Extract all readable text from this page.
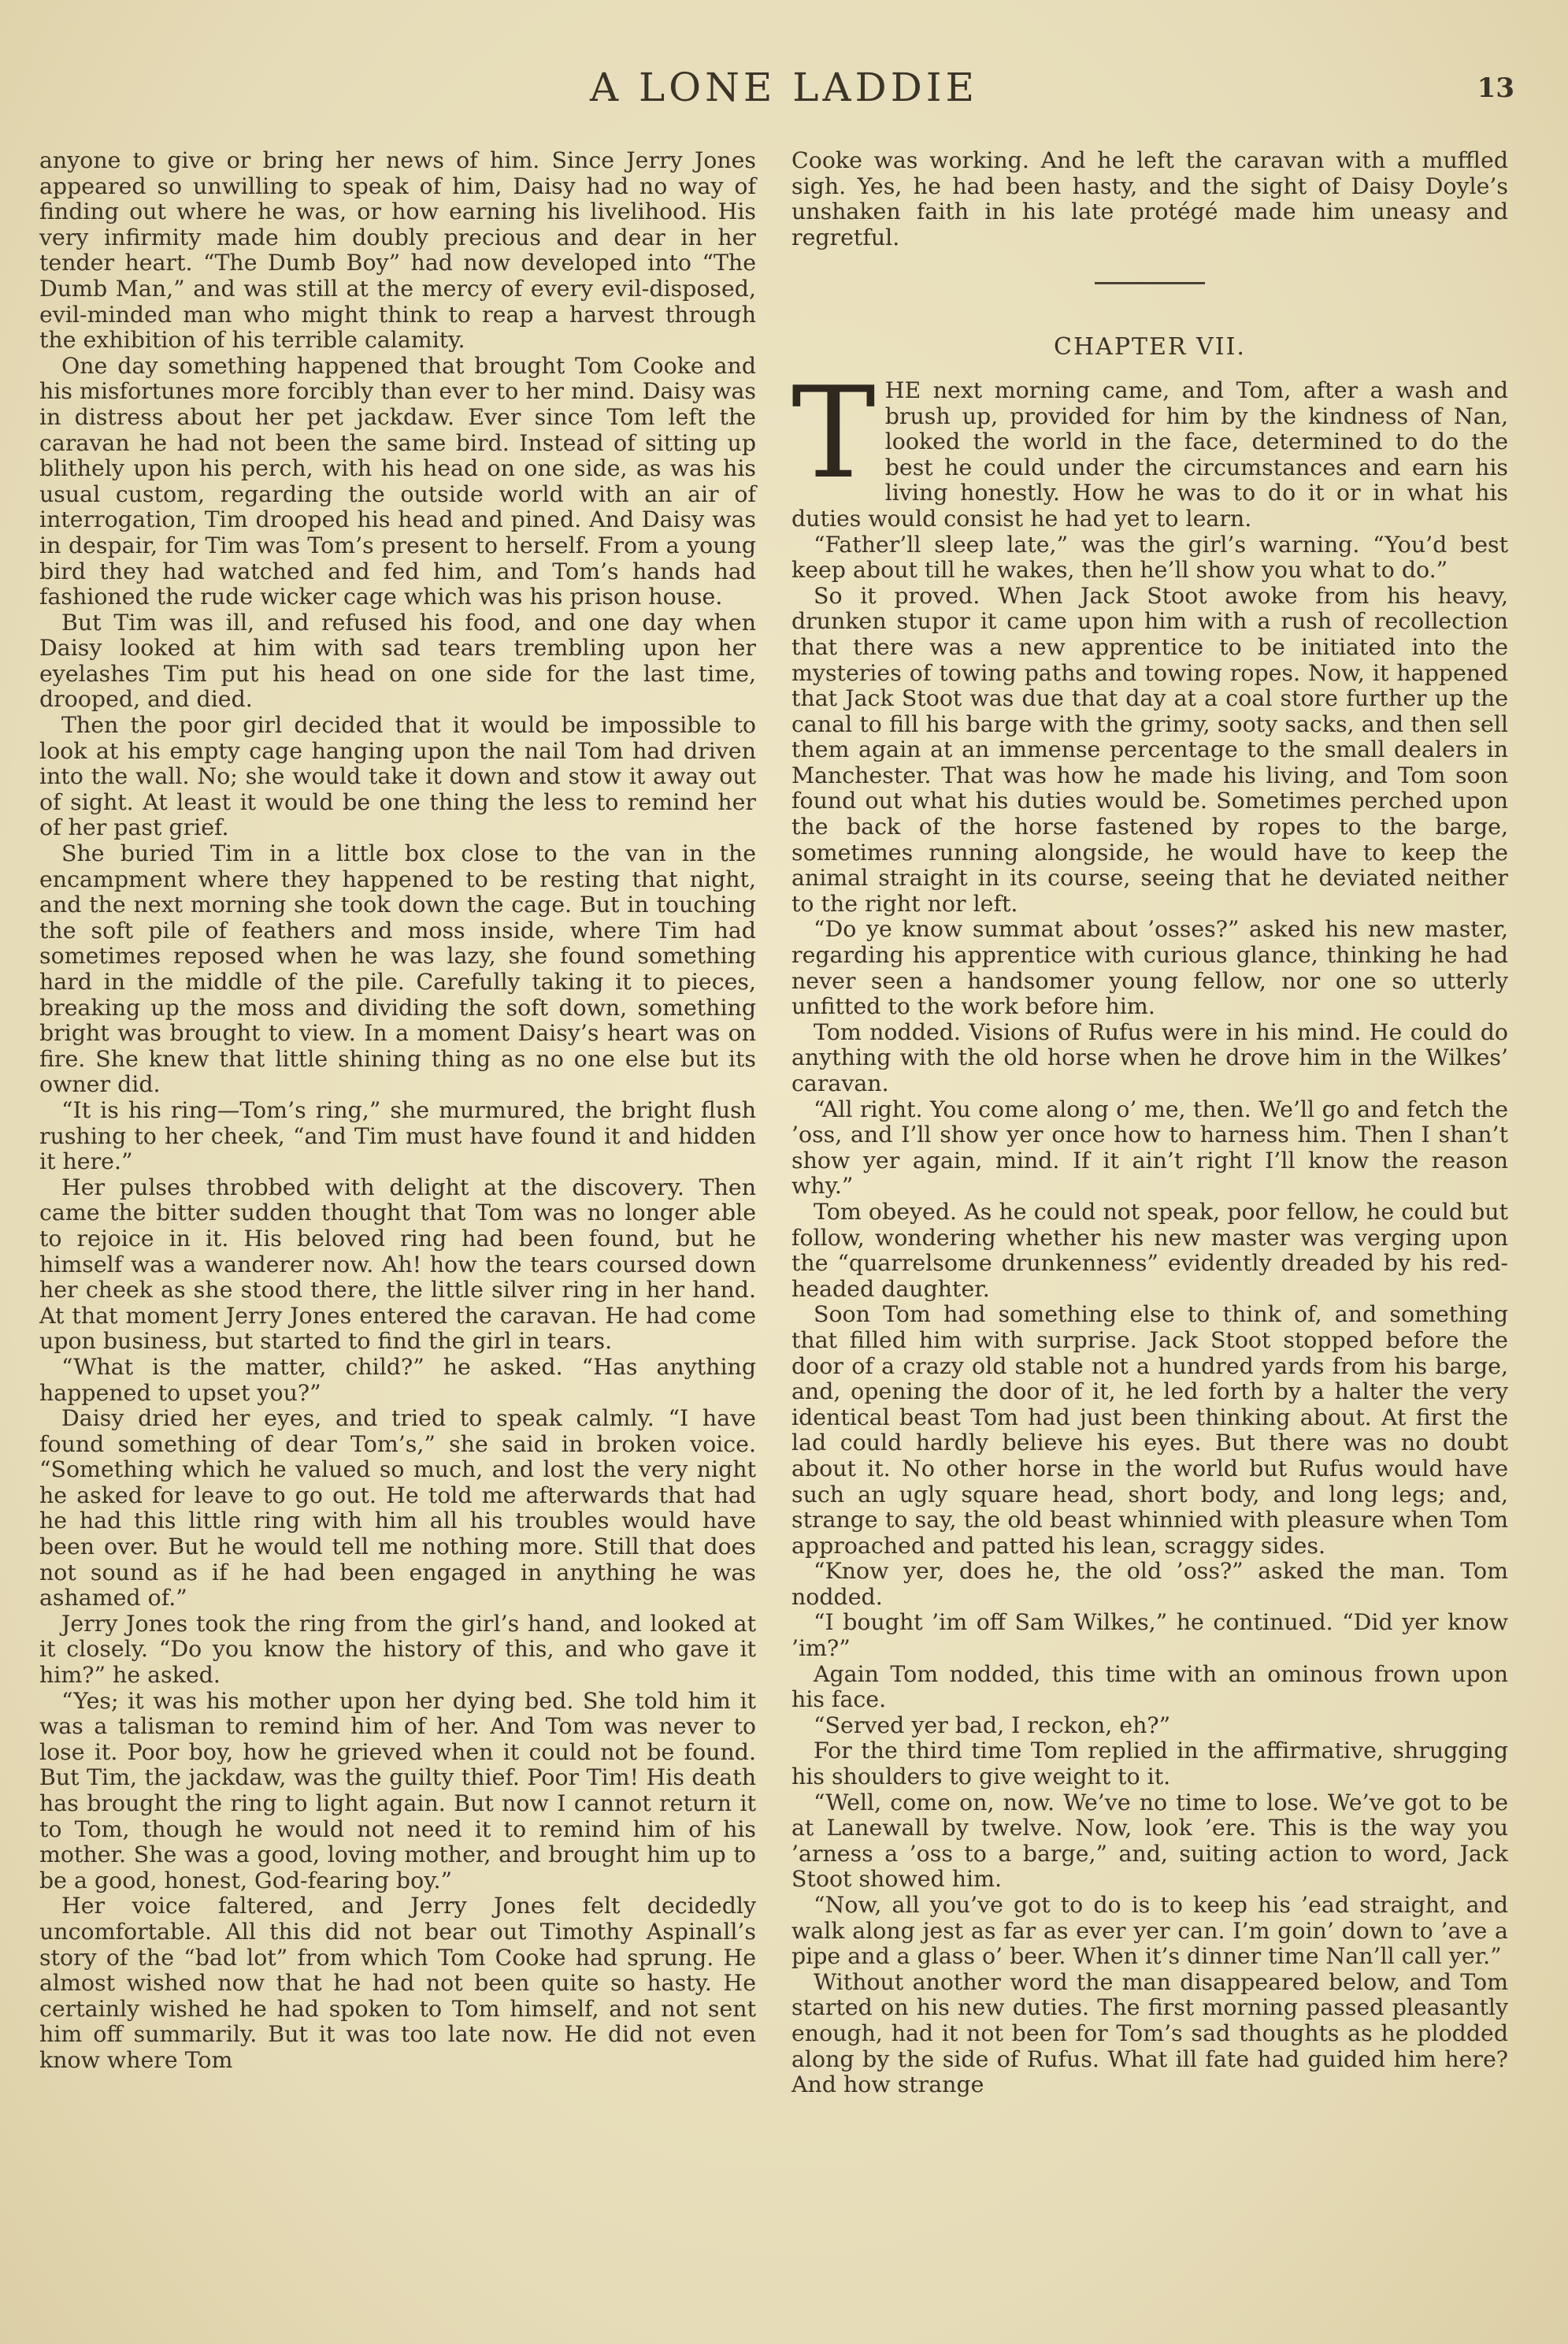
A LONE LADDIE	13

anyone to give or bring her news of him. Since Jerry Jones appeared so unwilling to speak of him, Daisy had no way of finding out where he was, or how earning his livelihood. His very infirmity made him doubly precious and dear in her tender heart. “The Dumb Boy” had now developed into “The Dumb Man,” and was still at the mercy of every evil-disposed, evil-minded man who might think to reap a harvest through the exhibition of his terrible calamity.

One day something happened that brought Tom Cooke and his misfortunes more forcibly than ever to her mind. Daisy was in distress about her pet jackdaw. Ever since Tom left the caravan he had not been the same bird. Instead of sitting up blithely upon his perch, with his head on one side, as was his usual custom, regarding the outside world with an air of interrogation, Tim drooped his head and pined. And Daisy was in despair, for Tim was Tom’s present to herself. From a young bird they had watched and fed him, and Tom’s hands had fashioned the rude wicker cage which was his prison house.

But Tim was ill, and refused his food, and one day when Daisy looked at him with sad tears trembling upon her eyelashes Tim put his head on one side for the last time, drooped, and died.

Then the poor girl decided that it would be impossible to look at his empty cage hanging upon the nail Tom had driven into the wall. No; she would take it down and stow it away out of sight. At least it would be one thing the less to remind her of her past grief.

She buried Tim in a little box close to the van in the encampment where they happened to be resting that night, and the next morning she took down the cage. But in touching the soft pile of feathers and moss inside, where Tim had sometimes reposed when he was lazy, she found something hard in the middle of the pile. Carefully taking it to pieces, breaking up the moss and dividing the soft down, something bright was brought to view. In a moment Daisy’s heart was on fire. She knew that little shining thing as no one else but its owner did.

“It is his ring—Tom’s ring,” she murmured, the bright flush rushing to her cheek, “and Tim must have found it and hidden it here.”

Her pulses throbbed with delight at the discovery. Then came the bitter sudden thought that Tom was no longer able to rejoice in it. His beloved ring had been found, but he himself was a wanderer now. Ah! how the tears coursed down her cheek as she stood there, the little silver ring in her hand. At that moment Jerry Jones entered the caravan. He had come upon business, but started to find the girl in tears.

“What is the matter, child?” he asked. “Has anything happened to upset you?”

Daisy dried her eyes, and tried to speak calmly. “I have found something of dear Tom’s,” she said in broken voice. “Something which he valued so much, and lost the very night he asked for leave to go out. He told me afterwards that had he had this little ring with him all his troubles would have been over. But he would tell me nothing more. Still that does not sound as if he had been engaged in anything he was ashamed of.”

Jerry Jones took the ring from the girl’s hand, and looked at it closely. “Do you know the history of this, and who gave it him?” he asked.

“Yes; it was his mother upon her dying bed. She told him it was a talisman to remind him of her. And Tom was never to lose it. Poor boy, how he grieved when it could not be found. But Tim, the jackdaw, was the guilty thief. Poor Tim! His death has brought the ring to light again. But now I cannot return it to Tom, though he would not need it to remind him of his mother. She was a good, loving mother, and brought him up to be a good, honest, God-fearing boy.”

Her voice faltered, and Jerry Jones felt decidedly uncomfortable. All this did not bear out Timothy Aspinall’s story of the “bad lot” from which Tom Cooke had sprung. He almost wished now that he had not been quite so hasty. He certainly wished he had spoken to Tom himself, and not sent him off summarily. But it was too late now. He did not even know where Tom

Cooke was working. And he left the caravan with a muffled sigh. Yes, he had been hasty, and the sight of Daisy Doyle’s unshaken faith in his late protégé made him uneasy and regretful.

CHAPTER VII.

THE next morning came, and Tom, after a wash and brush up, provided for him by the kindness of Nan, looked the world in the face, determined to do the best he could under the circumstances and earn his living honestly. How he was to do it or in what his duties would consist he had yet to learn.

“Father’ll sleep late,” was the girl’s warning. “You’d best keep about till he wakes, then he’ll show you what to do.”

So it proved. When Jack Stoot awoke from his heavy, drunken stupor it came upon him with a rush of recollection that there was a new apprentice to be initiated into the mysteries of towing paths and towing ropes. Now, it happened that Jack Stoot was due that day at a coal store further up the canal to fill his barge with the grimy, sooty sacks, and then sell them again at an immense percentage to the small dealers in Manchester. That was how he made his living, and Tom soon found out what his duties would be. Sometimes perched upon the back of the horse fastened by ropes to the barge, sometimes running alongside, he would have to keep the animal straight in its course, seeing that he deviated neither to the right nor left.

“Do ye know summat about ’osses?” asked his new master, regarding his apprentice with curious glance, thinking he had never seen a handsomer young fellow, nor one so utterly unfitted to the work before him.

Tom nodded. Visions of Rufus were in his mind. He could do anything with the old horse when he drove him in the Wilkes’ caravan.

“All right. You come along o’ me, then. We’ll go and fetch the ’oss, and I’ll show yer once how to harness him. Then I shan’t show yer again, mind. If it ain’t right I’ll know the reason why.”

Tom obeyed. As he could not speak, poor fellow, he could but follow, wondering whether his new master was verging upon the “quarrelsome drunkenness” evidently dreaded by his red-headed daughter.

Soon Tom had something else to think of, and something that filled him with surprise. Jack Stoot stopped before the door of a crazy old stable not a hundred yards from his barge, and, opening the door of it, he led forth by a halter the very identical beast Tom had just been thinking about. At first the lad could hardly believe his eyes. But there was no doubt about it. No other horse in the world but Rufus would have such an ugly square head, short body, and long legs; and, strange to say, the old beast whinnied with pleasure when Tom approached and patted his lean, scraggy sides.

“Know yer, does he, the old ’oss?” asked the man. Tom nodded.

“I bought ’im off Sam Wilkes,” he continued. “Did yer know ’im?”

Again Tom nodded, this time with an ominous frown upon his face.

“Served yer bad, I reckon, eh?”

For the third time Tom replied in the affirmative, shrugging his shoulders to give weight to it.

“Well, come on, now. We’ve no time to lose. We’ve got to be at Lanewall by twelve. Now, look ’ere. This is the way you ’arness a ’oss to a barge,” and, suiting action to word, Jack Stoot showed him.

“Now, all you’ve got to do is to keep his ’ead straight, and walk along jest as far as ever yer can. I’m goin’ down to ’ave a pipe and a glass o’ beer. When it’s dinner time Nan’ll call yer.”

Without another word the man disappeared below, and Tom started on his new duties. The first morning passed pleasantly enough, had it not been for Tom’s sad thoughts as he plodded along by the side of Rufus. What ill fate had guided him here? And how strange
